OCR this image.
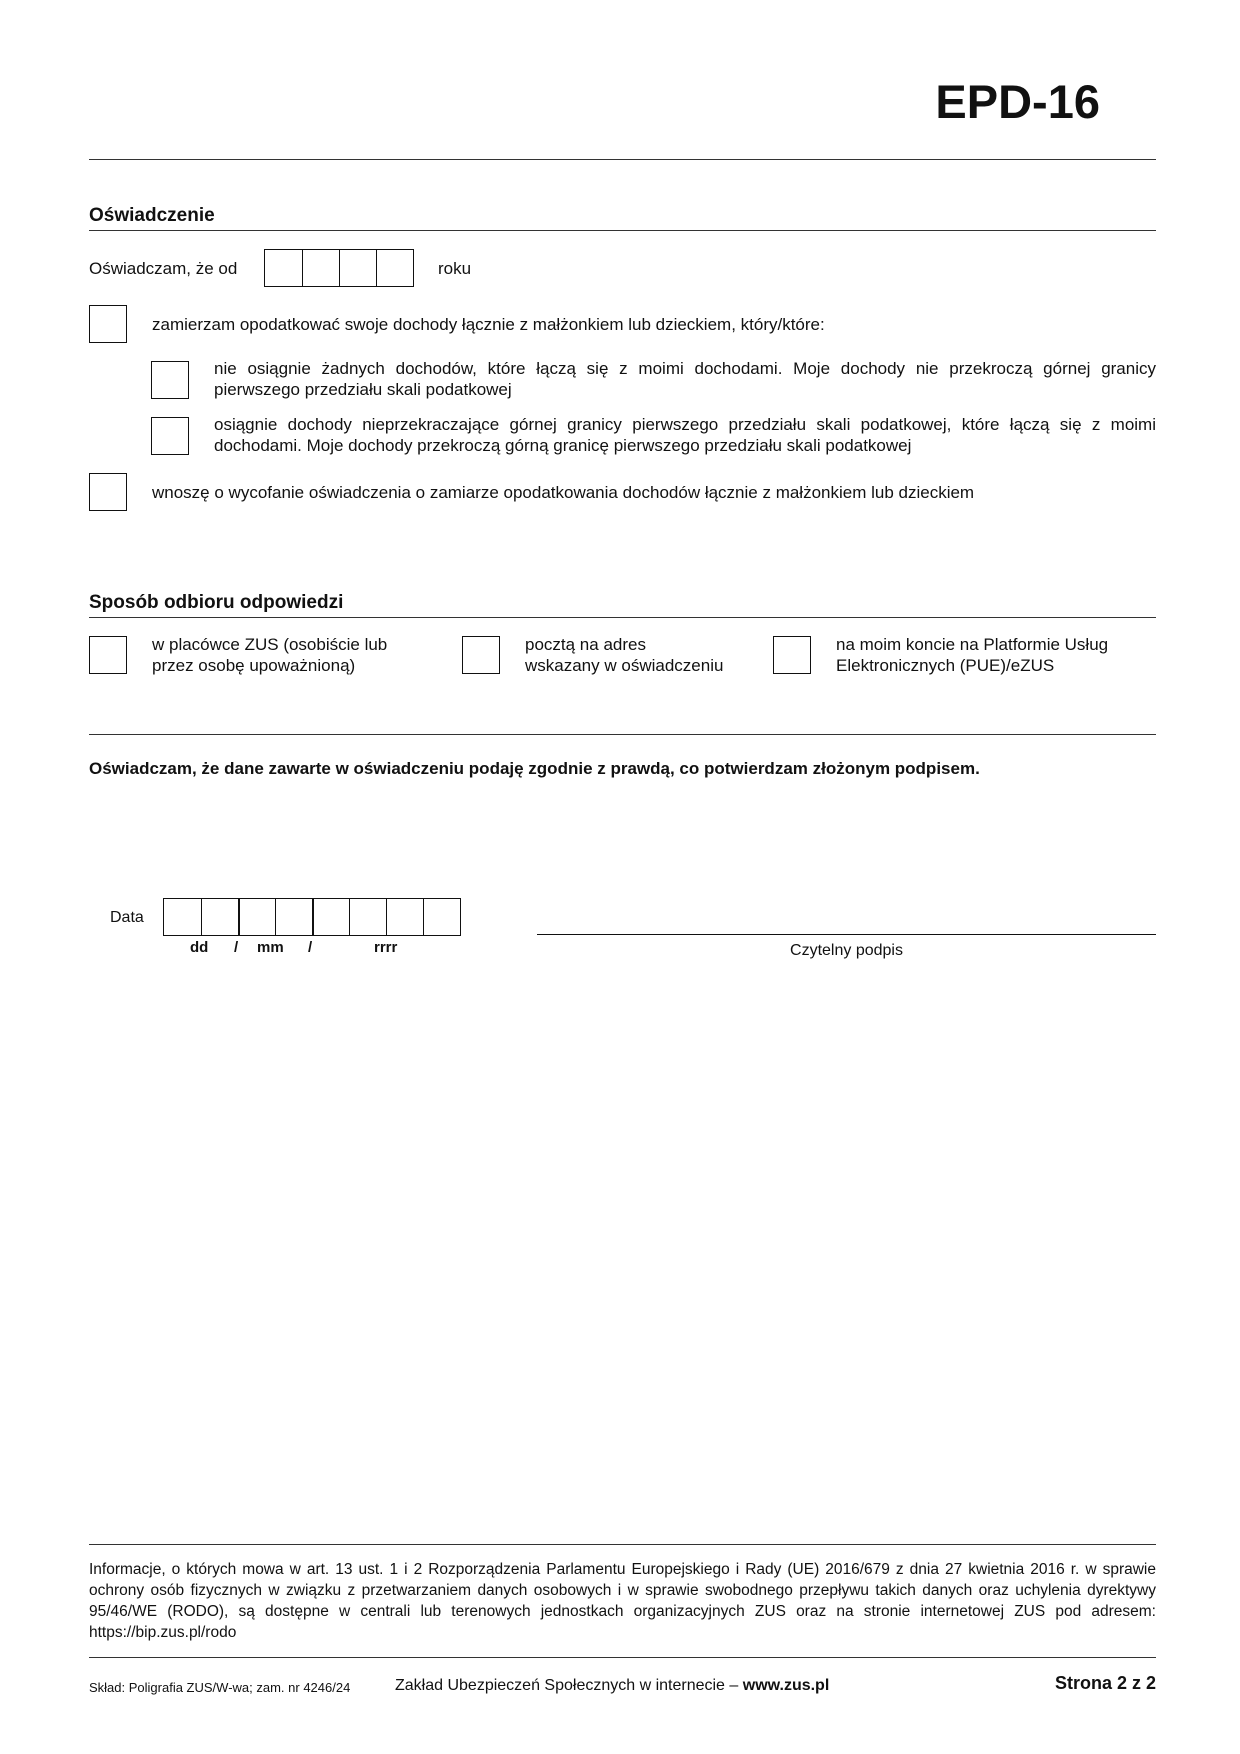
EPD-16
Oświadczenie
Oświadczam, że od	roku
zamierzam opodatkować swoje dochody łącznie z małżonkiem lub dzieckiem, który/które:
nie osiągnie żadnych dochodów, które łączą się z moimi dochodami. Moje dochody nie przekroczą górnej granicy pierwszego przedziału skali podatkowej
osiągnie dochody nieprzekraczające górnej granicy pierwszego przedziału skali podatkowej, które łączą się z moimi dochodami. Moje dochody przekroczą górną granicę pierwszego przedziału skali podatkowej
wnoszę o wycofanie oświadczenia o zamiarze opodatkowania dochodów łącznie z małżonkiem lub dzieckiem
Sposób odbioru odpowiedzi
w placówce ZUS (osobiście lub
przez osobę upoważnioną)
pocztą na adres
wskazany w oświadczeniu
na moim koncie na Platformie Usług
Elektronicznych (PUE)/eZUS
Oświadczam, że dane zawarte w oświadczeniu podaję zgodnie z prawdą, co potwierdzam złożonym podpisem.
Data
dd / mm /	rrrr	Czytelny podpis
Informacje, o których mowa w art. 13 ust. 1 i 2 Rozporządzenia Parlamentu Europejskiego i Rady (UE) 2016/679 z dnia 27 kwietnia 2016 r. w sprawie ochrony osób fizycznych w związku z przetwarzaniem danych osobowych i w sprawie swobodnego przepływu takich danych oraz uchylenia dyrektywy 95/46/WE (RODO), są dostępne w centrali lub terenowych jednostkach organizacyjnych ZUS oraz na stronie internetowej ZUS pod adresem: https://bip.zus.pl/rodo
Skład: Poligrafia ZUS/W-wa; zam. nr 4246/24	Zakład Ubezpieczeń Społecznych w internecie – www.zus.pl	Strona 2 z 2
